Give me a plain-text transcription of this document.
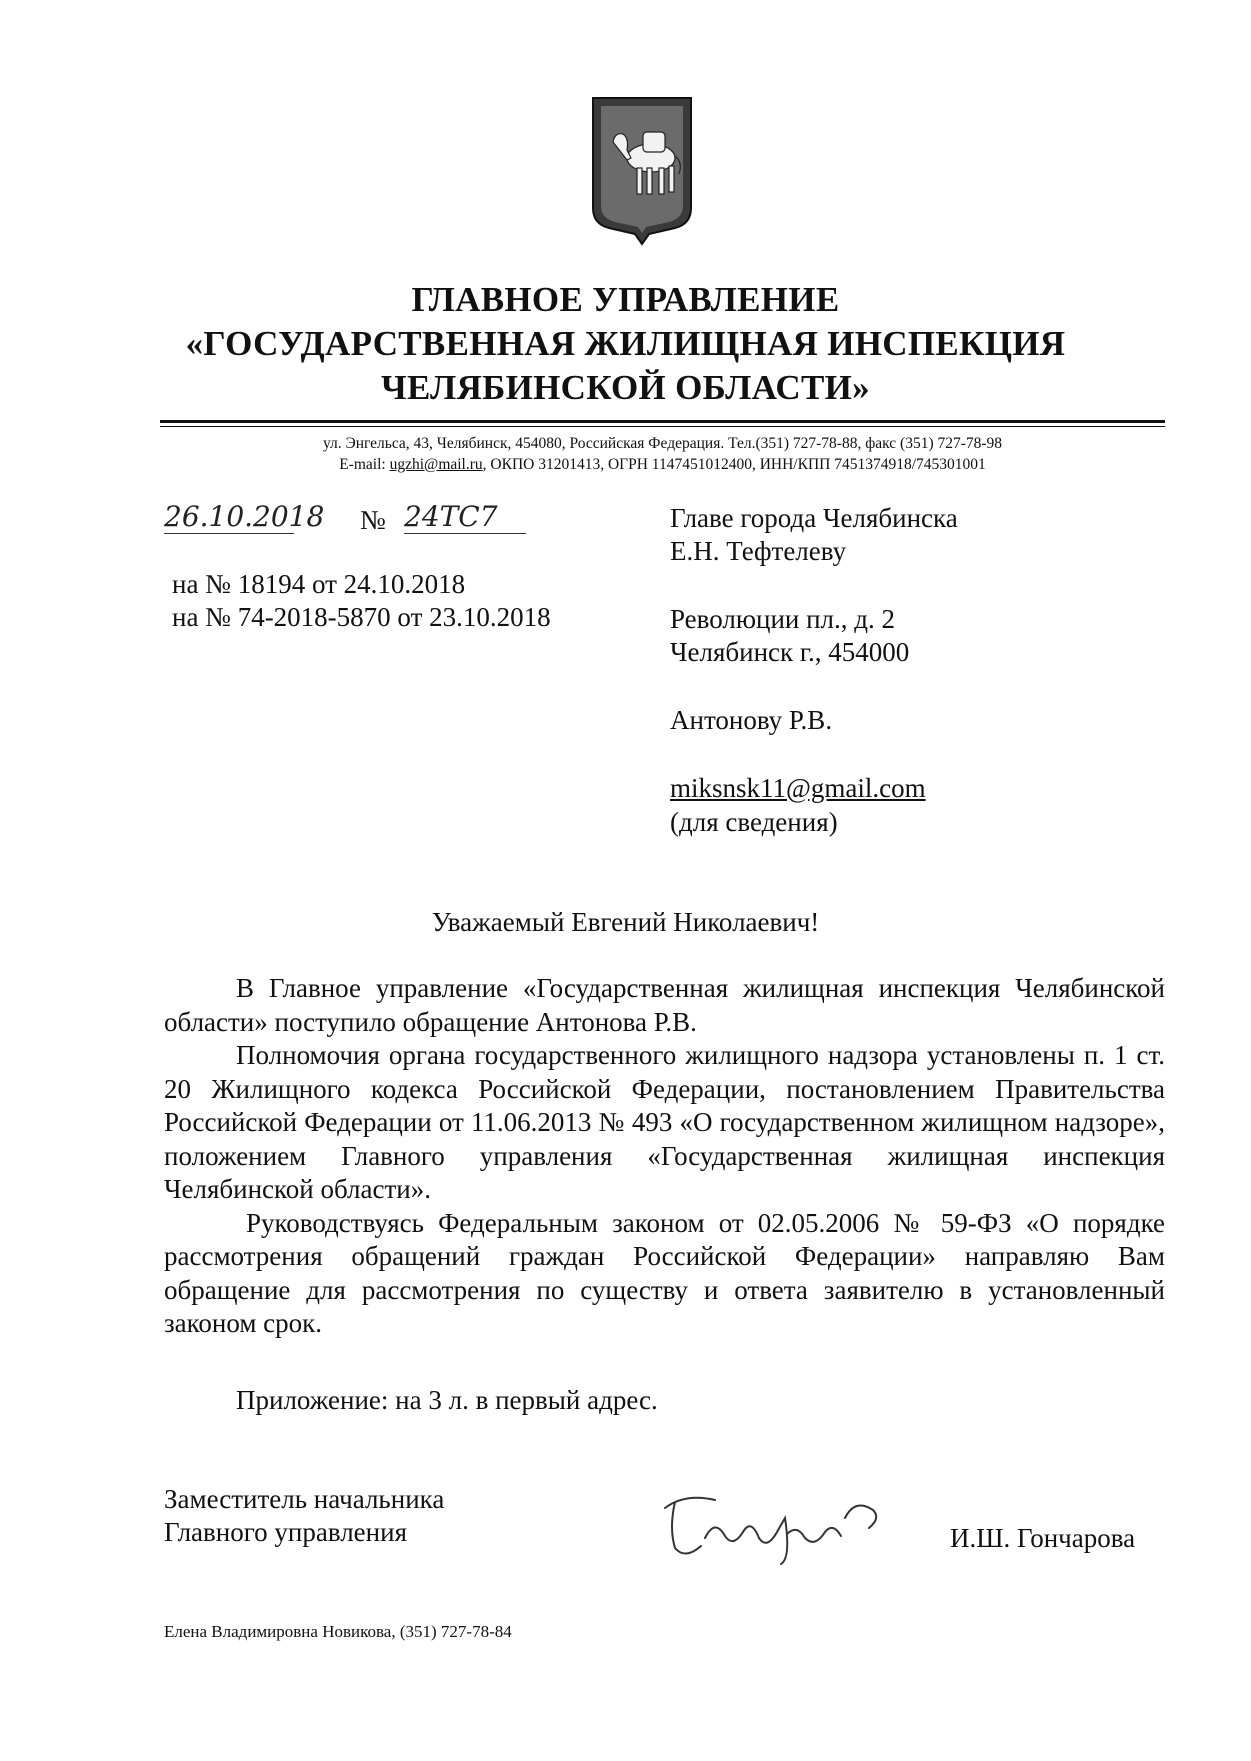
ГЛАВНОЕ УПРАВЛЕНИЕ
«ГОСУДАРСТВЕННАЯ ЖИЛИЩНАЯ ИНСПЕКЦИЯ
ЧЕЛЯБИНСКОЙ ОБЛАСТИ»
ул. Энгельса, 43, Челябинск, 454080, Российская Федерация. Тел.(351) 727-78-88, факс (351) 727-78-98
E-mail: ugzhi@mail.ru, ОКПО 31201413, ОГРН 1147451012400, ИНН/КПП 7451374918/745301001
26.10.2018 № 24ТС7
на № 18194 от 24.10.2018
на № 74-2018-5870 от 23.10.2018
Главе города Челябинска
Е.Н. Тефтелеву
Революции пл., д. 2
Челябинск г., 454000
Антонову Р.В.
miksnsk11@gmail.com
(для сведения)
Уважаемый Евгений Николаевич!

В Главное управление «Государственная жилищная инспекция Челябинской области» поступило обращение Антонова Р.В.

Полномочия органа государственного жилищного надзора установлены п. 1 ст. 20 Жилищного кодекса Российской Федерации, постановлением Правительства Российской Федерации от 11.06.2013 № 493 «О государственном жилищном надзоре», положением Главного управления «Государственная жилищная инспекция Челябинской области».

Руководствуясь Федеральным законом от 02.05.2006 № 59-ФЗ «О порядке рассмотрения обращений граждан Российской Федерации» направляю Вам обращение для рассмотрения по существу и ответа заявителю в установленный законом срок.

Приложение: на 3 л. в первый адрес.
Заместитель начальника
Главного управления	И.Ш. Гончарова
Елена Владимировна Новикова, (351) 727-78-84
